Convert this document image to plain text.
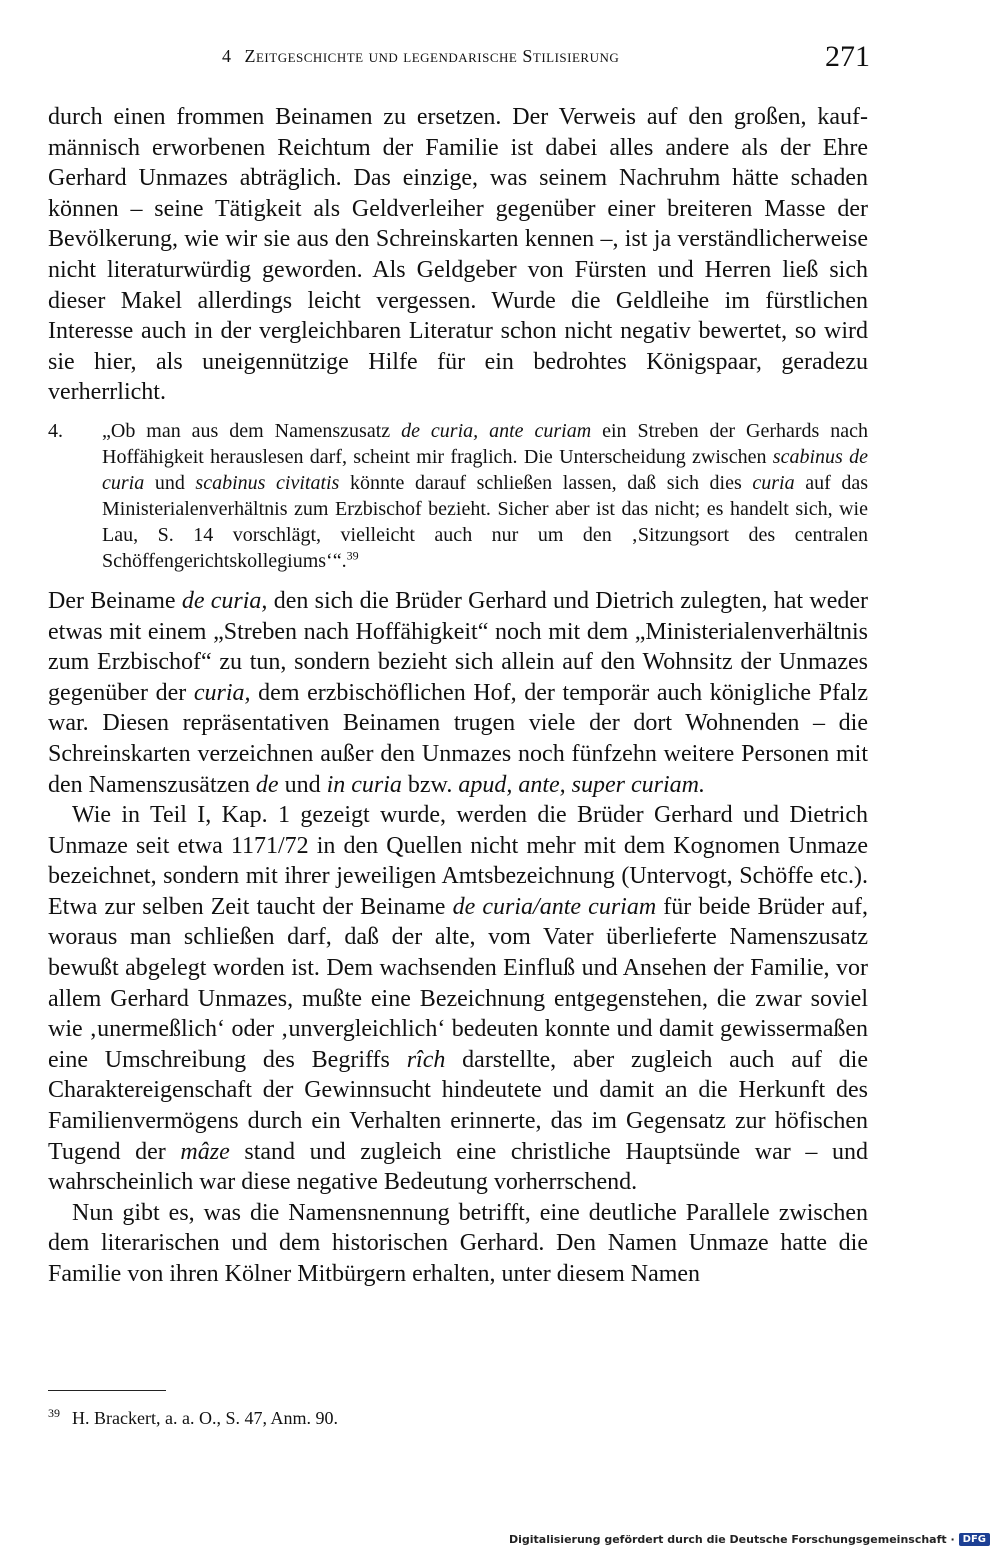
4 Zeitgeschichte und legendarische Stilisierung	271

durch einen frommen Beinamen zu ersetzen. Der Verweis auf den großen, kaufmännisch erworbenen Reichtum der Familie ist dabei alles andere als der Ehre Gerhard Unmazes abträglich. Das einzige, was seinem Nachruhm hätte schaden können – seine Tätigkeit als Geldverleiher gegenüber einer breiteren Masse der Bevölkerung, wie wir sie aus den Schreinskarten kennen –, ist ja verständlicherweise nicht literaturwürdig geworden. Als Geldgeber von Fürsten und Herren ließ sich dieser Makel allerdings leicht vergessen. Wurde die Geldleihe im fürstlichen Interesse auch in der vergleichbaren Literatur schon nicht negativ bewertet, so wird sie hier, als uneigennützige Hilfe für ein bedrohtes Königspaar, geradezu verherrlicht.

4. „Ob man aus dem Namenszusatz de curia, ante curiam ein Streben der Gerhards nach Hoffähigkeit herauslesen darf, scheint mir fraglich. Die Unterscheidung zwischen scabinus de curia und scabinus civitatis könnte darauf schließen lassen, daß sich dies curia auf das Ministerialenverhältnis zum Erzbischof bezieht. Sicher aber ist das nicht; es handelt sich, wie Lau, S. 14 vorschlägt, vielleicht auch nur um den ‚Sitzungsort des centralen Schöffengerichtskollegiums‘“.$^{39}$

Der Beiname de curia, den sich die Brüder Gerhard und Dietrich zulegten, hat weder etwas mit einem „Streben nach Hoffähigkeit“ noch mit dem „Ministerialenverhältnis zum Erzbischof“ zu tun, sondern bezieht sich allein auf den Wohnsitz der Unmazes gegenüber der curia, dem erzbischöflichen Hof, der temporär auch königliche Pfalz war. Diesen repräsentativen Beinamen trugen viele der dort Wohnenden – die Schreinskarten verzeichnen außer den Unmazes noch fünfzehn weitere Personen mit den Namenszusätzen de und in curia bzw. apud, ante, super curiam.

Wie in Teil I, Kap. 1 gezeigt wurde, werden die Brüder Gerhard und Dietrich Unmaze seit etwa 1171/72 in den Quellen nicht mehr mit dem Kognomen Unmaze bezeichnet, sondern mit ihrer jeweiligen Amtsbezeichnung (Untervogt, Schöffe etc.). Etwa zur selben Zeit taucht der Beiname de curia/ante curiam für beide Brüder auf, woraus man schließen darf, daß der alte, vom Vater überlieferte Namenszusatz bewußt abgelegt worden ist. Dem wachsenden Einfluß und Ansehen der Familie, vor allem Gerhard Unmazes, mußte eine Bezeichnung entgegenstehen, die zwar soviel wie ‚unermeßlich‘ oder ‚unvergleichlich‘ bedeuten konnte und damit gewissermaßen eine Umschreibung des Begriffs rîch darstellte, aber zugleich auch auf die Charaktereigenschaft der Gewinnsucht hindeutete und damit an die Herkunft des Familienvermögens durch ein Verhalten erinnerte, das im Gegensatz zur höfischen Tugend der mâze stand und zugleich eine christliche Hauptsünde war – und wahrscheinlich war diese negative Bedeutung vorherrschend.

Nun gibt es, was die Namensnennung betrifft, eine deutliche Parallele zwischen dem literarischen und dem historischen Gerhard. Den Namen Unmaze hatte die Familie von ihren Kölner Mitbürgern erhalten, unter diesem Namen

$^{39}$ H. Brackert, a. a. O., S. 47, Anm. 90.
Digitalisierung gefördert durch die Deutsche Forschungsgemeinschaft · DFG
